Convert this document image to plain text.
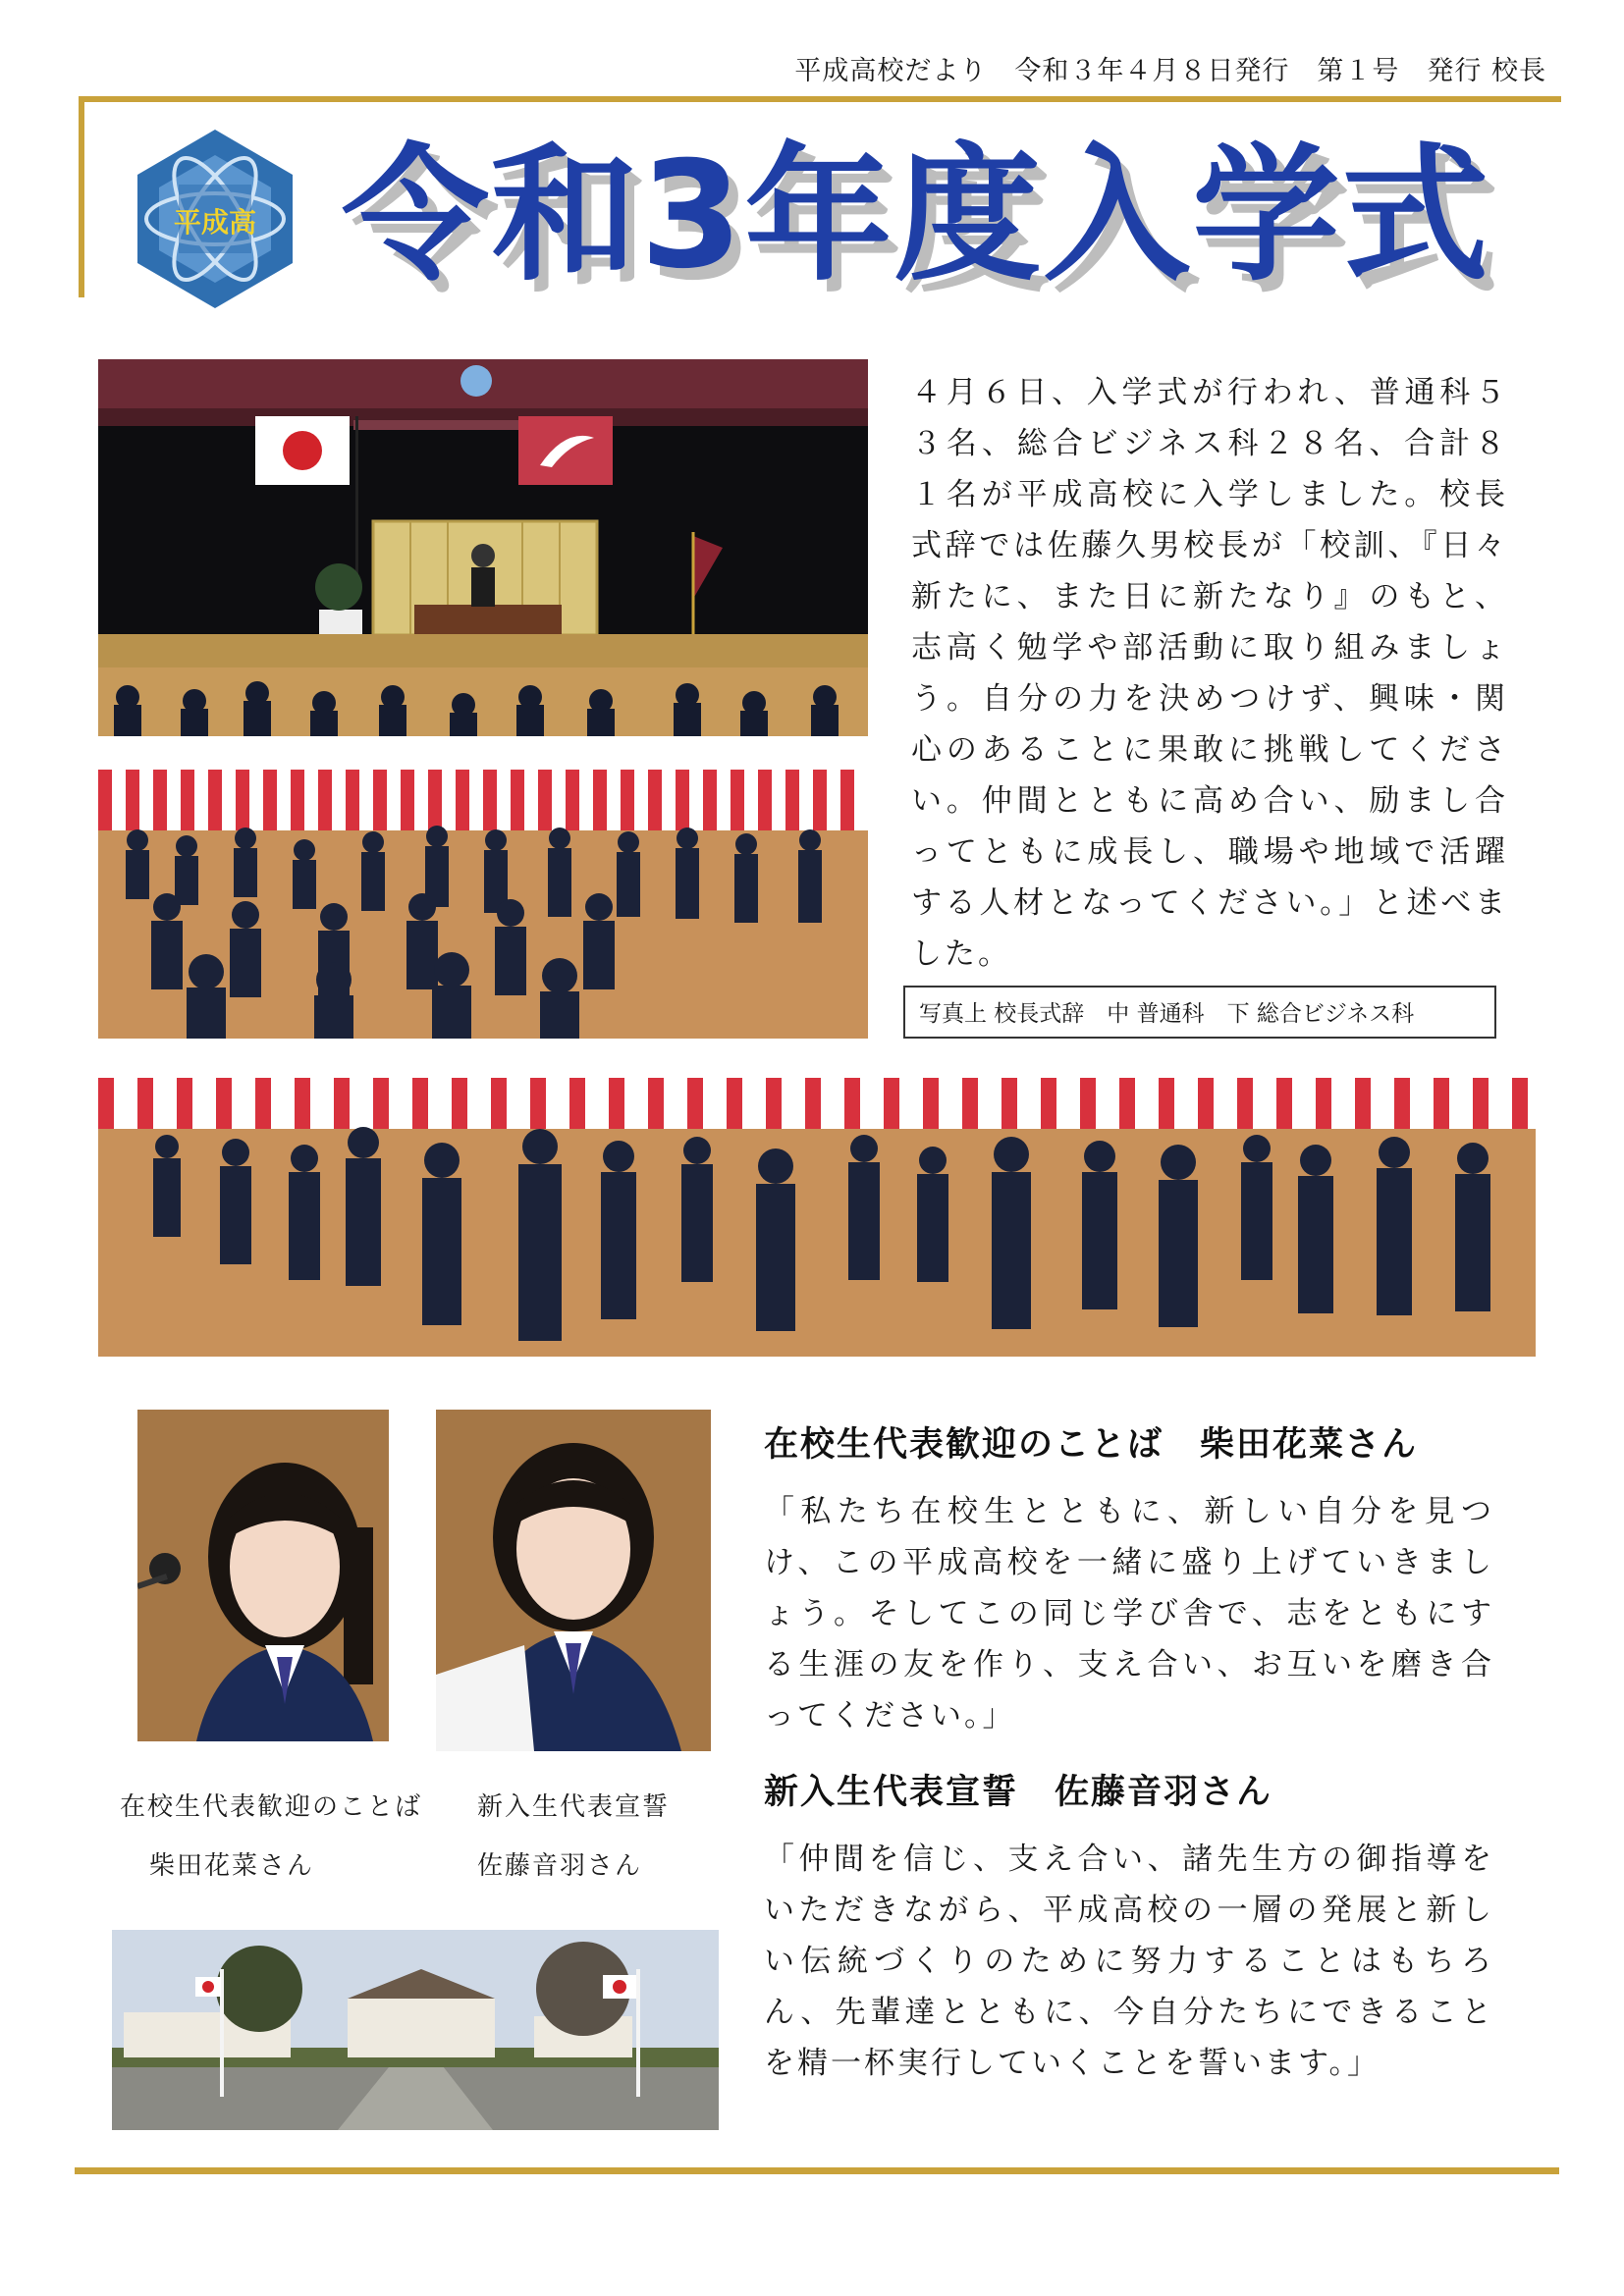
平成高校だより　令和３年４月８日発行　第１号　発行 校長
平成高 令和3年度入学式
４月６日、入学式が行われ、普通科５３名、総合ビジネス科２８名、合計８１名が平成高校に入学しました。校長式辞では佐藤久男校長が「校訓、『日々新たに、また日に新たなり』のもと、志高く勉学や部活動に取り組みましょう。自分の力を決めつけず、興味・関心のあることに果敢に挑戦してください。仲間とともに高め合い、励まし合ってともに成長し、職場や地域で活躍する人材となってください。」と述べました。
写真上 校長式辞　中 普通科　下 総合ビジネス科
在校生代表歓迎のことば
柴田花菜さん
新入生代表宣誓
佐藤音羽さん
在校生代表歓迎のことば　柴田花菜さん
「私たち在校生とともに、新しい自分を見つけ、この平成高校を一緒に盛り上げていきましょう。そしてこの同じ学び舎で、志をともにする生涯の友を作り、支え合い、お互いを磨き合ってください。」
新入生代表宣誓　佐藤音羽さん
「仲間を信じ、支え合い、諸先生方の御指導をいただきながら、平成高校の一層の発展と新しい伝統づくりのために努力することはもちろん、先輩達とともに、今自分たちにできることを精一杯実行していくことを誓います。」
